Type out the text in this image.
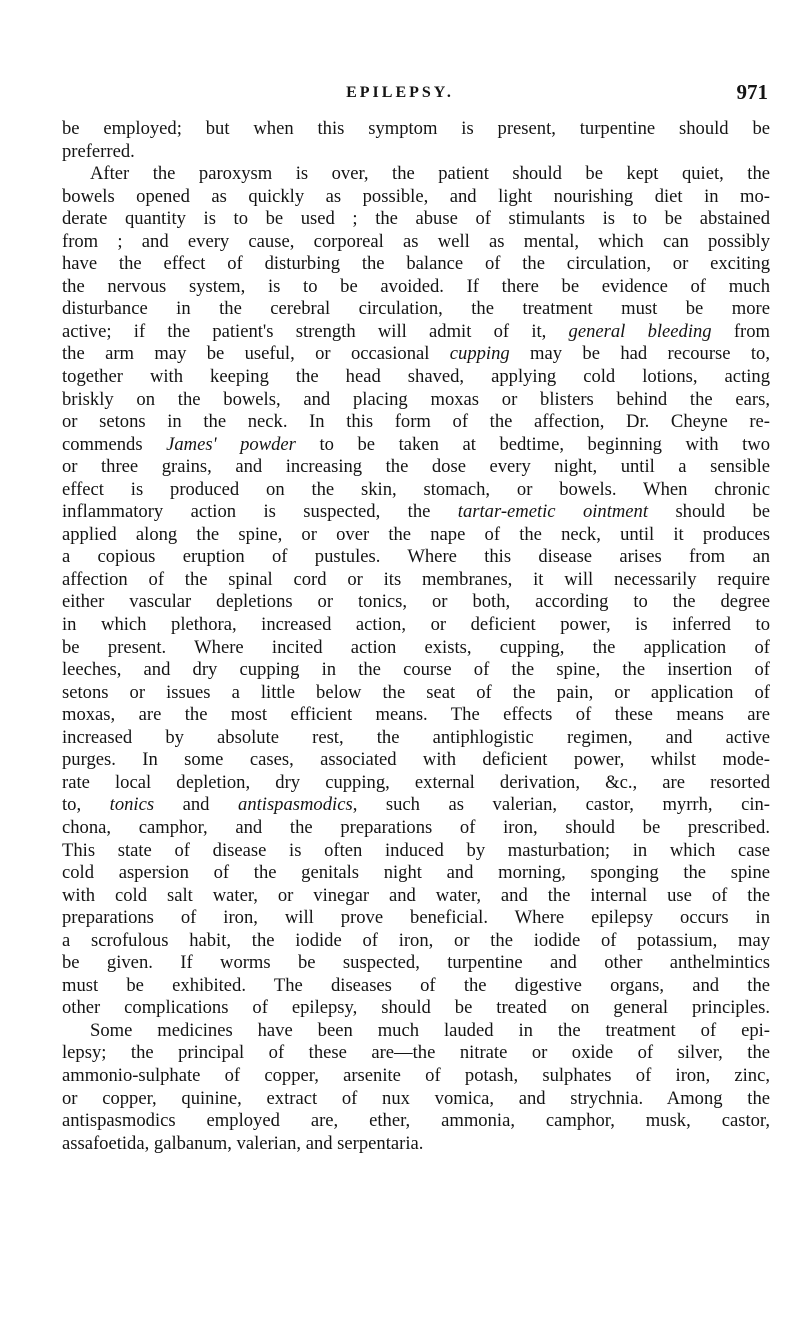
EPILEPSY.	971
be employed; but when this symptom is present, turpentine should be
preferred.
After the paroxysm is over, the patient should be kept quiet, the
bowels opened as quickly as possible, and light nourishing diet in mo-
derate quantity is to be used ; the abuse of stimulants is to be abstained
from ; and every cause, corporeal as well as mental, which can possibly
have the effect of disturbing the balance of the circulation, or exciting
the nervous system, is to be avoided. If there be evidence of much
disturbance in the cerebral circulation, the treatment must be more
active; if the patient's strength will admit of it, general bleeding from
the arm may be useful, or occasional cupping may be had recourse to,
together with keeping the head shaved, applying cold lotions, acting
briskly on the bowels, and placing moxas or blisters behind the ears,
or setons in the neck. In this form of the affection, Dr. Cheyne re-
commends James' powder to be taken at bedtime, beginning with two
or three grains, and increasing the dose every night, until a sensible
effect is produced on the skin, stomach, or bowels. When chronic
inflammatory action is suspected, the tartar-emetic ointment should be
applied along the spine, or over the nape of the neck, until it produces
a copious eruption of pustules. Where this disease arises from an
affection of the spinal cord or its membranes, it will necessarily require
either vascular depletions or tonics, or both, according to the degree
in which plethora, increased action, or deficient power, is inferred to
be present. Where incited action exists, cupping, the application of
leeches, and dry cupping in the course of the spine, the insertion of
setons or issues a little below the seat of the pain, or application of
moxas, are the most efficient means. The effects of these means are
increased by absolute rest, the antiphlogistic regimen, and active
purges. In some cases, associated with deficient power, whilst mode-
rate local depletion, dry cupping, external derivation, &c., are resorted
to, tonics and antispasmodics, such as valerian, castor, myrrh, cin-
chona, camphor, and the preparations of iron, should be prescribed.
This state of disease is often induced by masturbation; in which case
cold aspersion of the genitals night and morning, sponging the spine
with cold salt water, or vinegar and water, and the internal use of the
preparations of iron, will prove beneficial. Where epilepsy occurs in
a scrofulous habit, the iodide of iron, or the iodide of potassium, may
be given. If worms be suspected, turpentine and other anthelmintics
must be exhibited. The diseases of the digestive organs, and the
other complications of epilepsy, should be treated on general principles.
Some medicines have been much lauded in the treatment of epi-
lepsy; the principal of these are—the nitrate or oxide of silver, the
ammonio-sulphate of copper, arsenite of potash, sulphates of iron, zinc,
or copper, quinine, extract of nux vomica, and strychnia. Among the
antispasmodics employed are, ether, ammonia, camphor, musk, castor,
assafoetida, galbanum, valerian, and serpentaria.
